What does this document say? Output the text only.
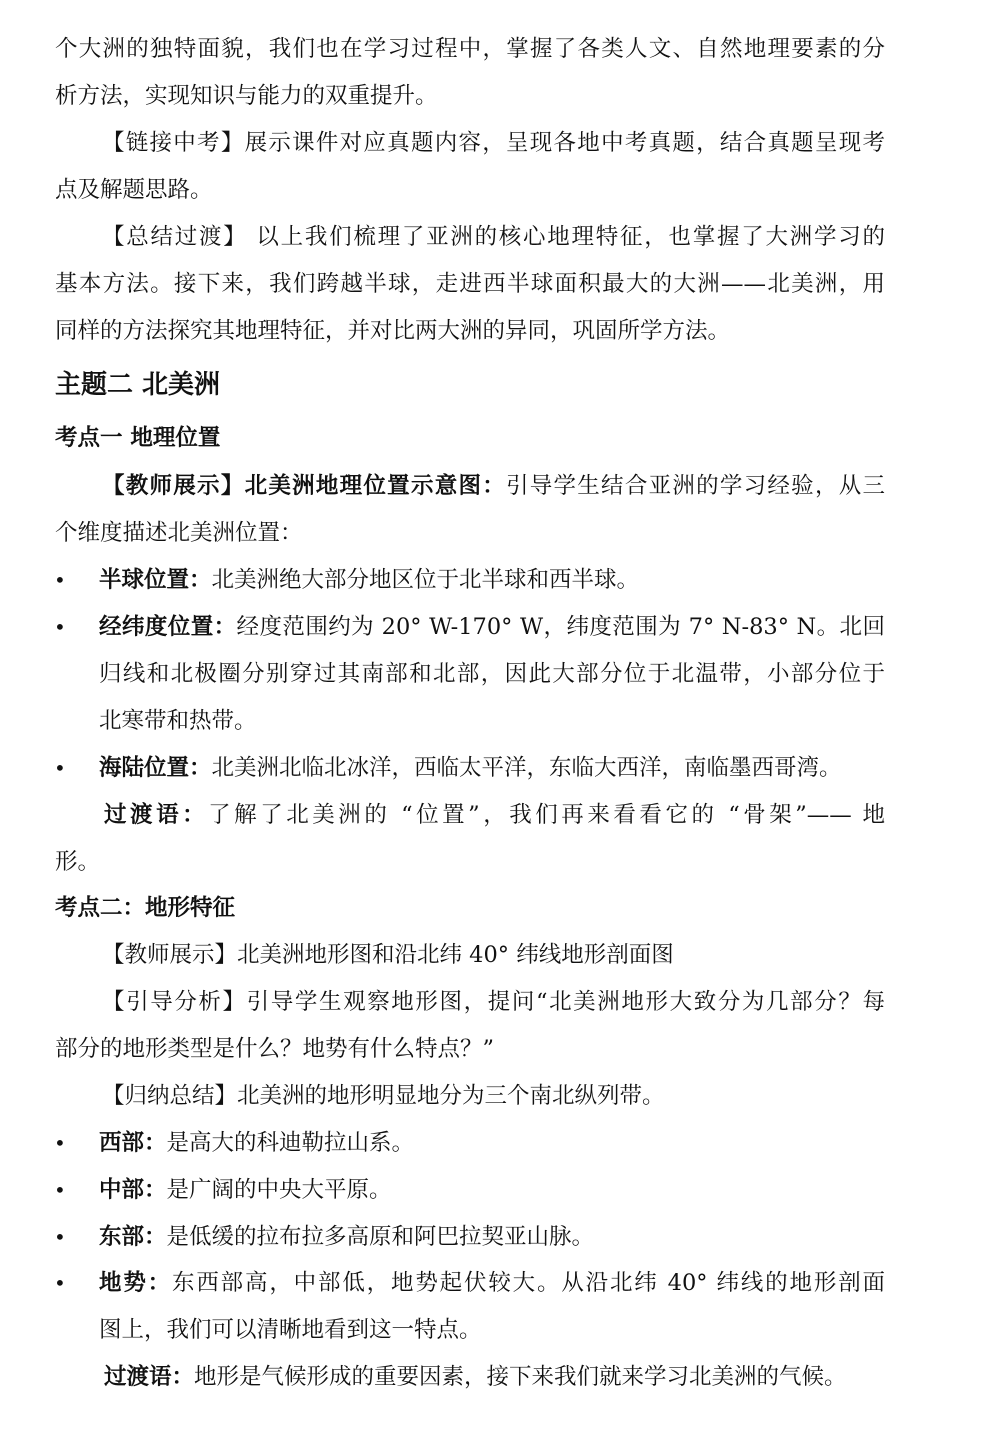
个大洲的独特面貌，我们也在学习过程中，掌握了各类人文、自然地理要素的分
析方法，实现知识与能力的双重提升。
【链接中考】展示课件对应真题内容，呈现各地中考真题，结合真题呈现考
点及解题思路。
【总结过渡】 以上我们梳理了亚洲的核心地理特征，也掌握了大洲学习的
基本方法。接下来，我们跨越半球，走进西半球面积最大的大洲——北美洲，用
同样的方法探究其地理特征，并对比两大洲的异同，巩固所学方法。
主题二 北美洲
考点一 地理位置
【教师展示】北美洲地理位置示意图：引导学生结合亚洲的学习经验，从三
个维度描述北美洲位置：
• 半球位置：北美洲绝大部分地区位于北半球和西半球。
• 经纬度位置：经度范围约为 20° W-170° W，纬度范围为 7° N-83° N。北回
归线和北极圈分别穿过其南部和北部，因此大部分位于北温带，小部分位于
北寒带和热带。
• 海陆位置：北美洲北临北冰洋，西临太平洋，东临大西洋，南临墨西哥湾。
过渡语：了解了北美洲的 “位置”，我们再来看看它的 “骨架”—— 地
形。
考点二：地形特征
【教师展示】北美洲地形图和沿北纬 40° 纬线地形剖面图
【引导分析】引导学生观察地形图，提问“北美洲地形大致分为几部分？每
部分的地形类型是什么？地势有什么特点？”
【归纳总结】北美洲的地形明显地分为三个南北纵列带。
• 西部：是高大的科迪勒拉山系。
• 中部：是广阔的中央大平原。
• 东部：是低缓的拉布拉多高原和阿巴拉契亚山脉。
• 地势：东西部高，中部低，地势起伏较大。从沿北纬 40° 纬线的地形剖面
图上，我们可以清晰地看到这一特点。
过渡语：地形是气候形成的重要因素，接下来我们就来学习北美洲的气候。
